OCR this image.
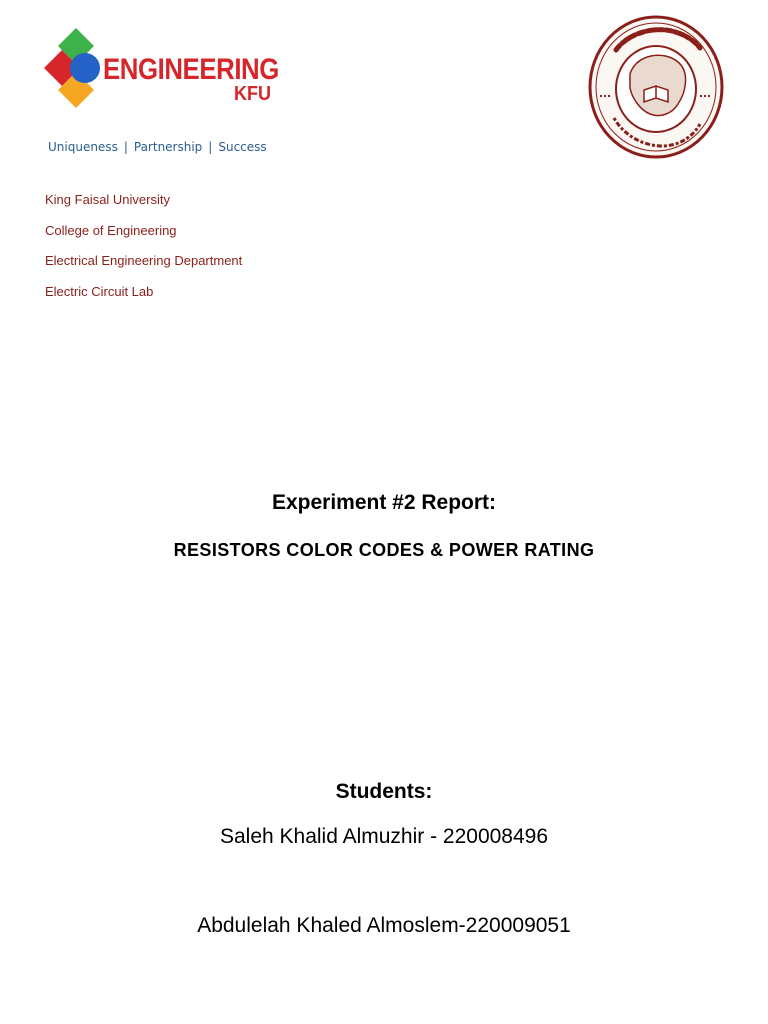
ENGINEERING
KFU
Uniqueness | Partnership | Success
King Faisal University
College of Engineering
Electrical Engineering Department
Electric Circuit Lab
Experiment #2 Report:
RESISTORS COLOR CODES & POWER RATING
Students:
Saleh Khalid Almuzhir - 220008496
Abdulelah Khaled Almoslem-220009051
